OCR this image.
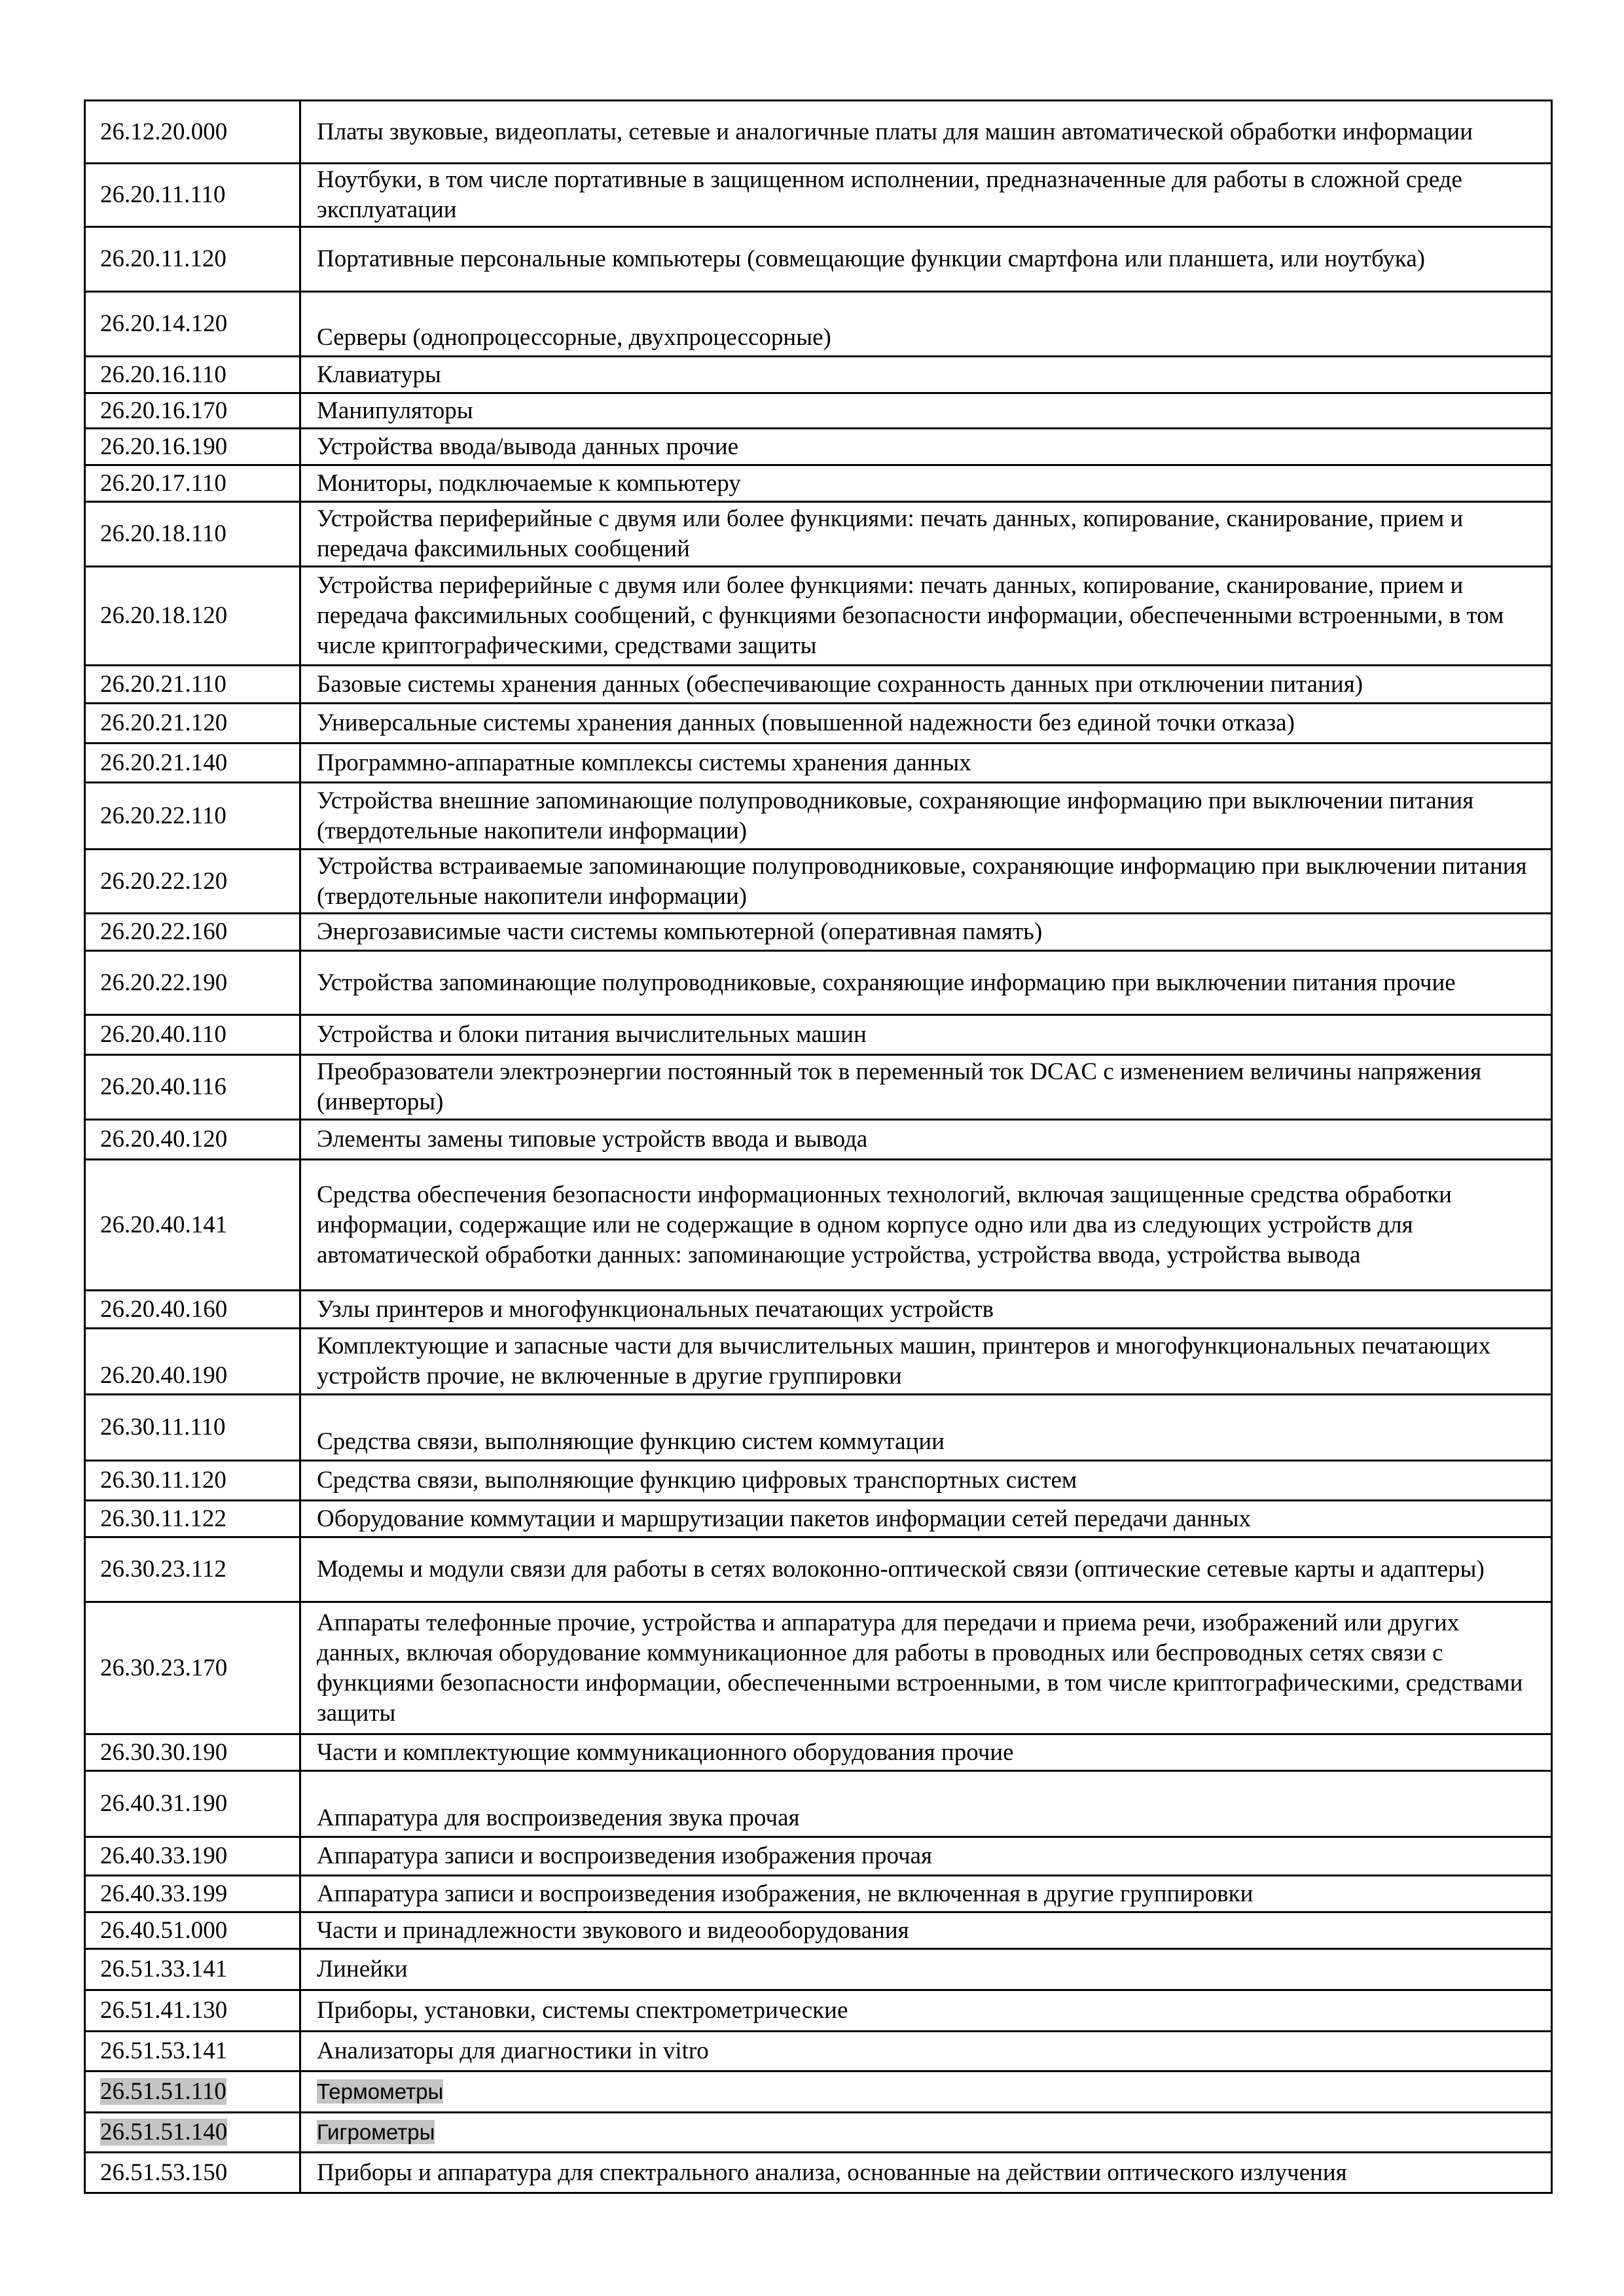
26.12.20.000	Платы звуковые, видеоплаты, сетевые и аналогичные платы для машин автоматической обработки информации
26.20.11.110	Ноутбуки, в том числе портативные в защищенном исполнении, предназначенные для работы в сложной среде эксплуатации
26.20.11.120	Портативные персональные компьютеры (совмещающие функции смартфона или планшета, или ноутбука)
26.20.14.120	Серверы (однопроцессорные, двухпроцессорные)
26.20.16.110	Клавиатуры
26.20.16.170	Манипуляторы
26.20.16.190	Устройства ввода/вывода данных прочие
26.20.17.110	Мониторы, подключаемые к компьютеру
26.20.18.110	Устройства периферийные с двумя или более функциями: печать данных, копирование, сканирование, прием и передача факсимильных сообщений
26.20.18.120	Устройства периферийные с двумя или более функциями: печать данных, копирование, сканирование, прием и передача факсимильных сообщений, с функциями безопасности информации, обеспеченными встроенными, в том числе криптографическими, средствами защиты
26.20.21.110	Базовые системы хранения данных (обеспечивающие сохранность данных при отключении питания)
26.20.21.120	Универсальные системы хранения данных (повышенной надежности без единой точки отказа)
26.20.21.140	Программно-аппаратные комплексы системы хранения данных
26.20.22.110	Устройства внешние запоминающие полупроводниковые, сохраняющие информацию при выключении питания (твердотельные накопители информации)
26.20.22.120	Устройства встраиваемые запоминающие полупроводниковые, сохраняющие информацию при выключении питания (твердотельные накопители информации)
26.20.22.160	Энергозависимые части системы компьютерной (оперативная память)
26.20.22.190	Устройства запоминающие полупроводниковые, сохраняющие информацию при выключении питания прочие
26.20.40.110	Устройства и блоки питания вычислительных машин
26.20.40.116	Преобразователи электроэнергии постоянный ток в переменный ток DCAC с изменением величины напряжения (инверторы)
26.20.40.120	Элементы замены типовые устройств ввода и вывода
26.20.40.141	Средства обеспечения безопасности информационных технологий, включая защищенные средства обработки информации, содержащие или не содержащие в одном корпусе одно или два из следующих устройств для автоматической обработки данных: запоминающие устройства, устройства ввода, устройства вывода
26.20.40.160	Узлы принтеров и многофункциональных печатающих устройств
26.20.40.190	Комплектующие и запасные части для вычислительных машин, принтеров и многофункциональных печатающих устройств прочие, не включенные в другие группировки
26.30.11.110	Средства связи, выполняющие функцию систем коммутации
26.30.11.120	Средства связи, выполняющие функцию цифровых транспортных систем
26.30.11.122	Оборудование коммутации и маршрутизации пакетов информации сетей передачи данных
26.30.23.112	Модемы и модули связи для работы в сетях волоконно-оптической связи (оптические сетевые карты и адаптеры)
26.30.23.170	Аппараты телефонные прочие, устройства и аппаратура для передачи и приема речи, изображений или других данных, включая оборудование коммуникационное для работы в проводных или беспроводных сетях связи с функциями безопасности информации, обеспеченными встроенными, в том числе криптографическими, средствами защиты
26.30.30.190	Части и комплектующие коммуникационного оборудования прочие
26.40.31.190	Аппаратура для воспроизведения звука прочая
26.40.33.190	Аппаратура записи и воспроизведения изображения прочая
26.40.33.199	Аппаратура записи и воспроизведения изображения, не включенная в другие группировки
26.40.51.000	Части и принадлежности звукового и видеооборудования
26.51.33.141	Линейки
26.51.41.130	Приборы, установки, системы спектрометрические
26.51.53.141	Анализаторы для диагностики in vitro
26.51.51.110	Термометры
26.51.51.140	Гигрометры
26.51.53.150	Приборы и аппаратура для спектрального анализа, основанные на действии оптического излучения
